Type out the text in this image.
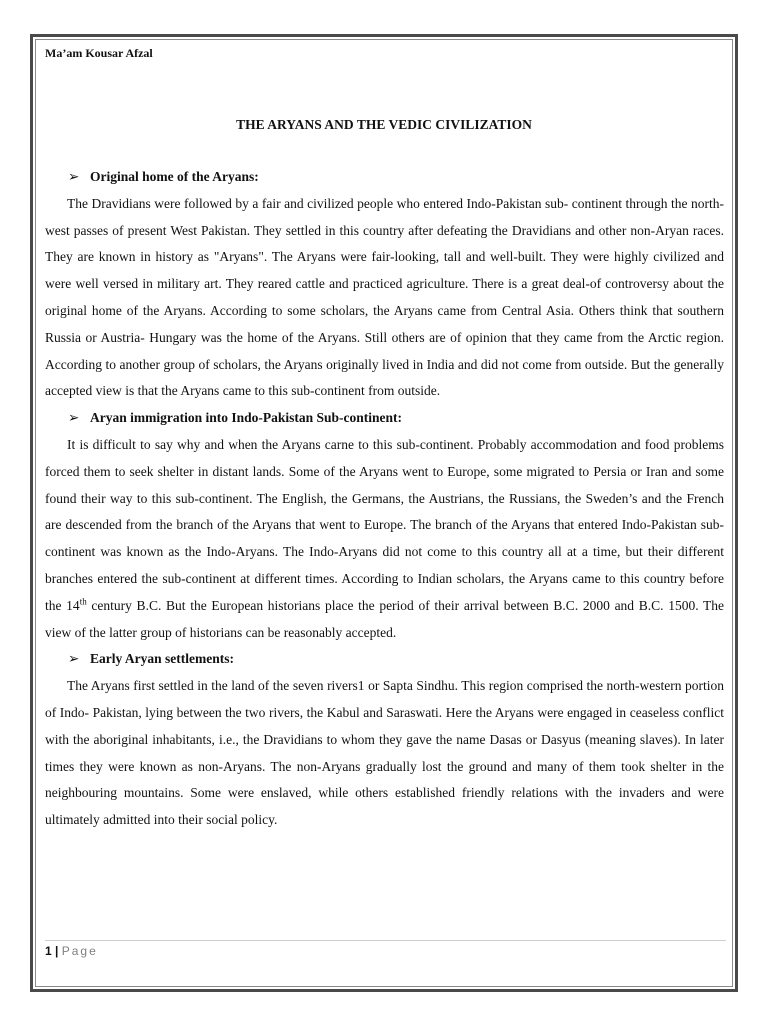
Ma’am Kousar Afzal
THE ARYANS AND THE VEDIC CIVILIZATION

➢ Original home of the Aryans:

The Dravidians were followed by a fair and civilized people who entered Indo-Pakistan sub- continent through the north-west passes of present West Pakistan. They settled in this country after defeating the Dravidians and other non-Aryan races. They are known in history as "Aryans". The Aryans were fair-looking, tall and well-built. They were highly civilized and were well versed in military art. They reared cattle and practiced agriculture. There is a great deal-of controversy about the original home of the Aryans. According to some scholars, the Aryans came from Central Asia. Others think that southern Russia or Austria- Hungary was the home of the Aryans. Still others are of opinion that they came from the Arctic region. According to another group of scholars, the Aryans originally lived in India and did not come from outside. But the generally accepted view is that the Aryans came to this sub-continent from outside.

➢ Aryan immigration into Indo-Pakistan Sub-continent:

It is difficult to say why and when the Aryans carne to this sub-continent. Probably accommodation and food problems forced them to seek shelter in distant lands. Some of the Aryans went to Europe, some migrated to Persia or Iran and some found their way to this sub-continent. The English, the Germans, the Austrians, the Russians, the Sweden’s and the French are descended from the branch of the Aryans that went to Europe. The branch of the Aryans that entered Indo-Pakistan sub-continent was known as the Indo-Aryans. The Indo-Aryans did not come to this country all at a time, but their different branches entered the sub-continent at different times. According to Indian scholars, the Aryans came to this country before the 14th century B.C. But the European historians place the period of their arrival between B.C. 2000 and B.C. 1500. The view of the latter group of historians can be reasonably accepted.

➢ Early Aryan settlements:

The Aryans first settled in the land of the seven rivers1 or Sapta Sindhu. This region comprised the north-western portion of Indo- Pakistan, lying between the two rivers, the Kabul and Saraswati. Here the Aryans were engaged in ceaseless conflict with the aboriginal inhabitants, i.e., the Dravidians to whom they gave the name Dasas or Dasyus (meaning slaves). In later times they were known as non-Aryans. The non-Aryans gradually lost the ground and many of them took shelter in the neighbouring mountains. Some were enslaved, while others established friendly relations with the invaders and were ultimately admitted into their social policy.

1 | Page
